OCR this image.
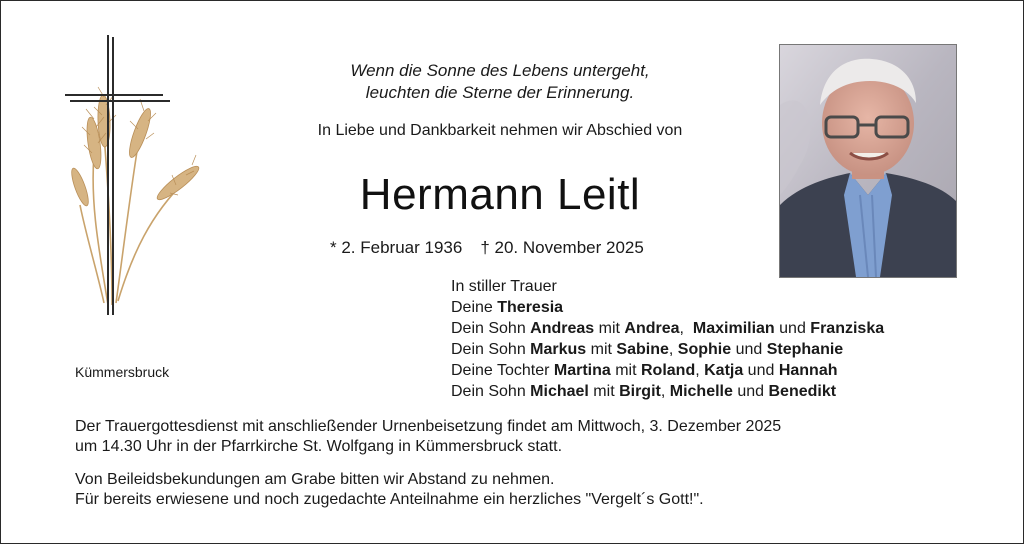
Wenn die Sonne des Lebens untergeht,
leuchten die Sterne der Erinnerung.
In Liebe und Dankbarkeit nehmen wir Abschied von
Hermann Leitl
* 2. Februar 1936 † 20. November 2025
In stiller Trauer
Deine Theresia
Dein Sohn Andreas mit Andrea,  Maximilian und Franziska
Dein Sohn Markus mit Sabine, Sophie und Stephanie
Deine Tochter Martina mit Roland, Katja und Hannah
Dein Sohn Michael mit Birgit, Michelle und Benedikt
Kümmersbruck
Der Trauergottesdienst mit anschließender Urnenbeisetzung findet am Mittwoch, 3. Dezember 2025
um 14.30 Uhr in der Pfarrkirche St. Wolfgang in Kümmersbruck statt.
Von Beileidsbekundungen am Grabe bitten wir Abstand zu nehmen.
Für bereits erwiesene und noch zugedachte Anteilnahme ein herzliches "Vergelt´s Gott!".
